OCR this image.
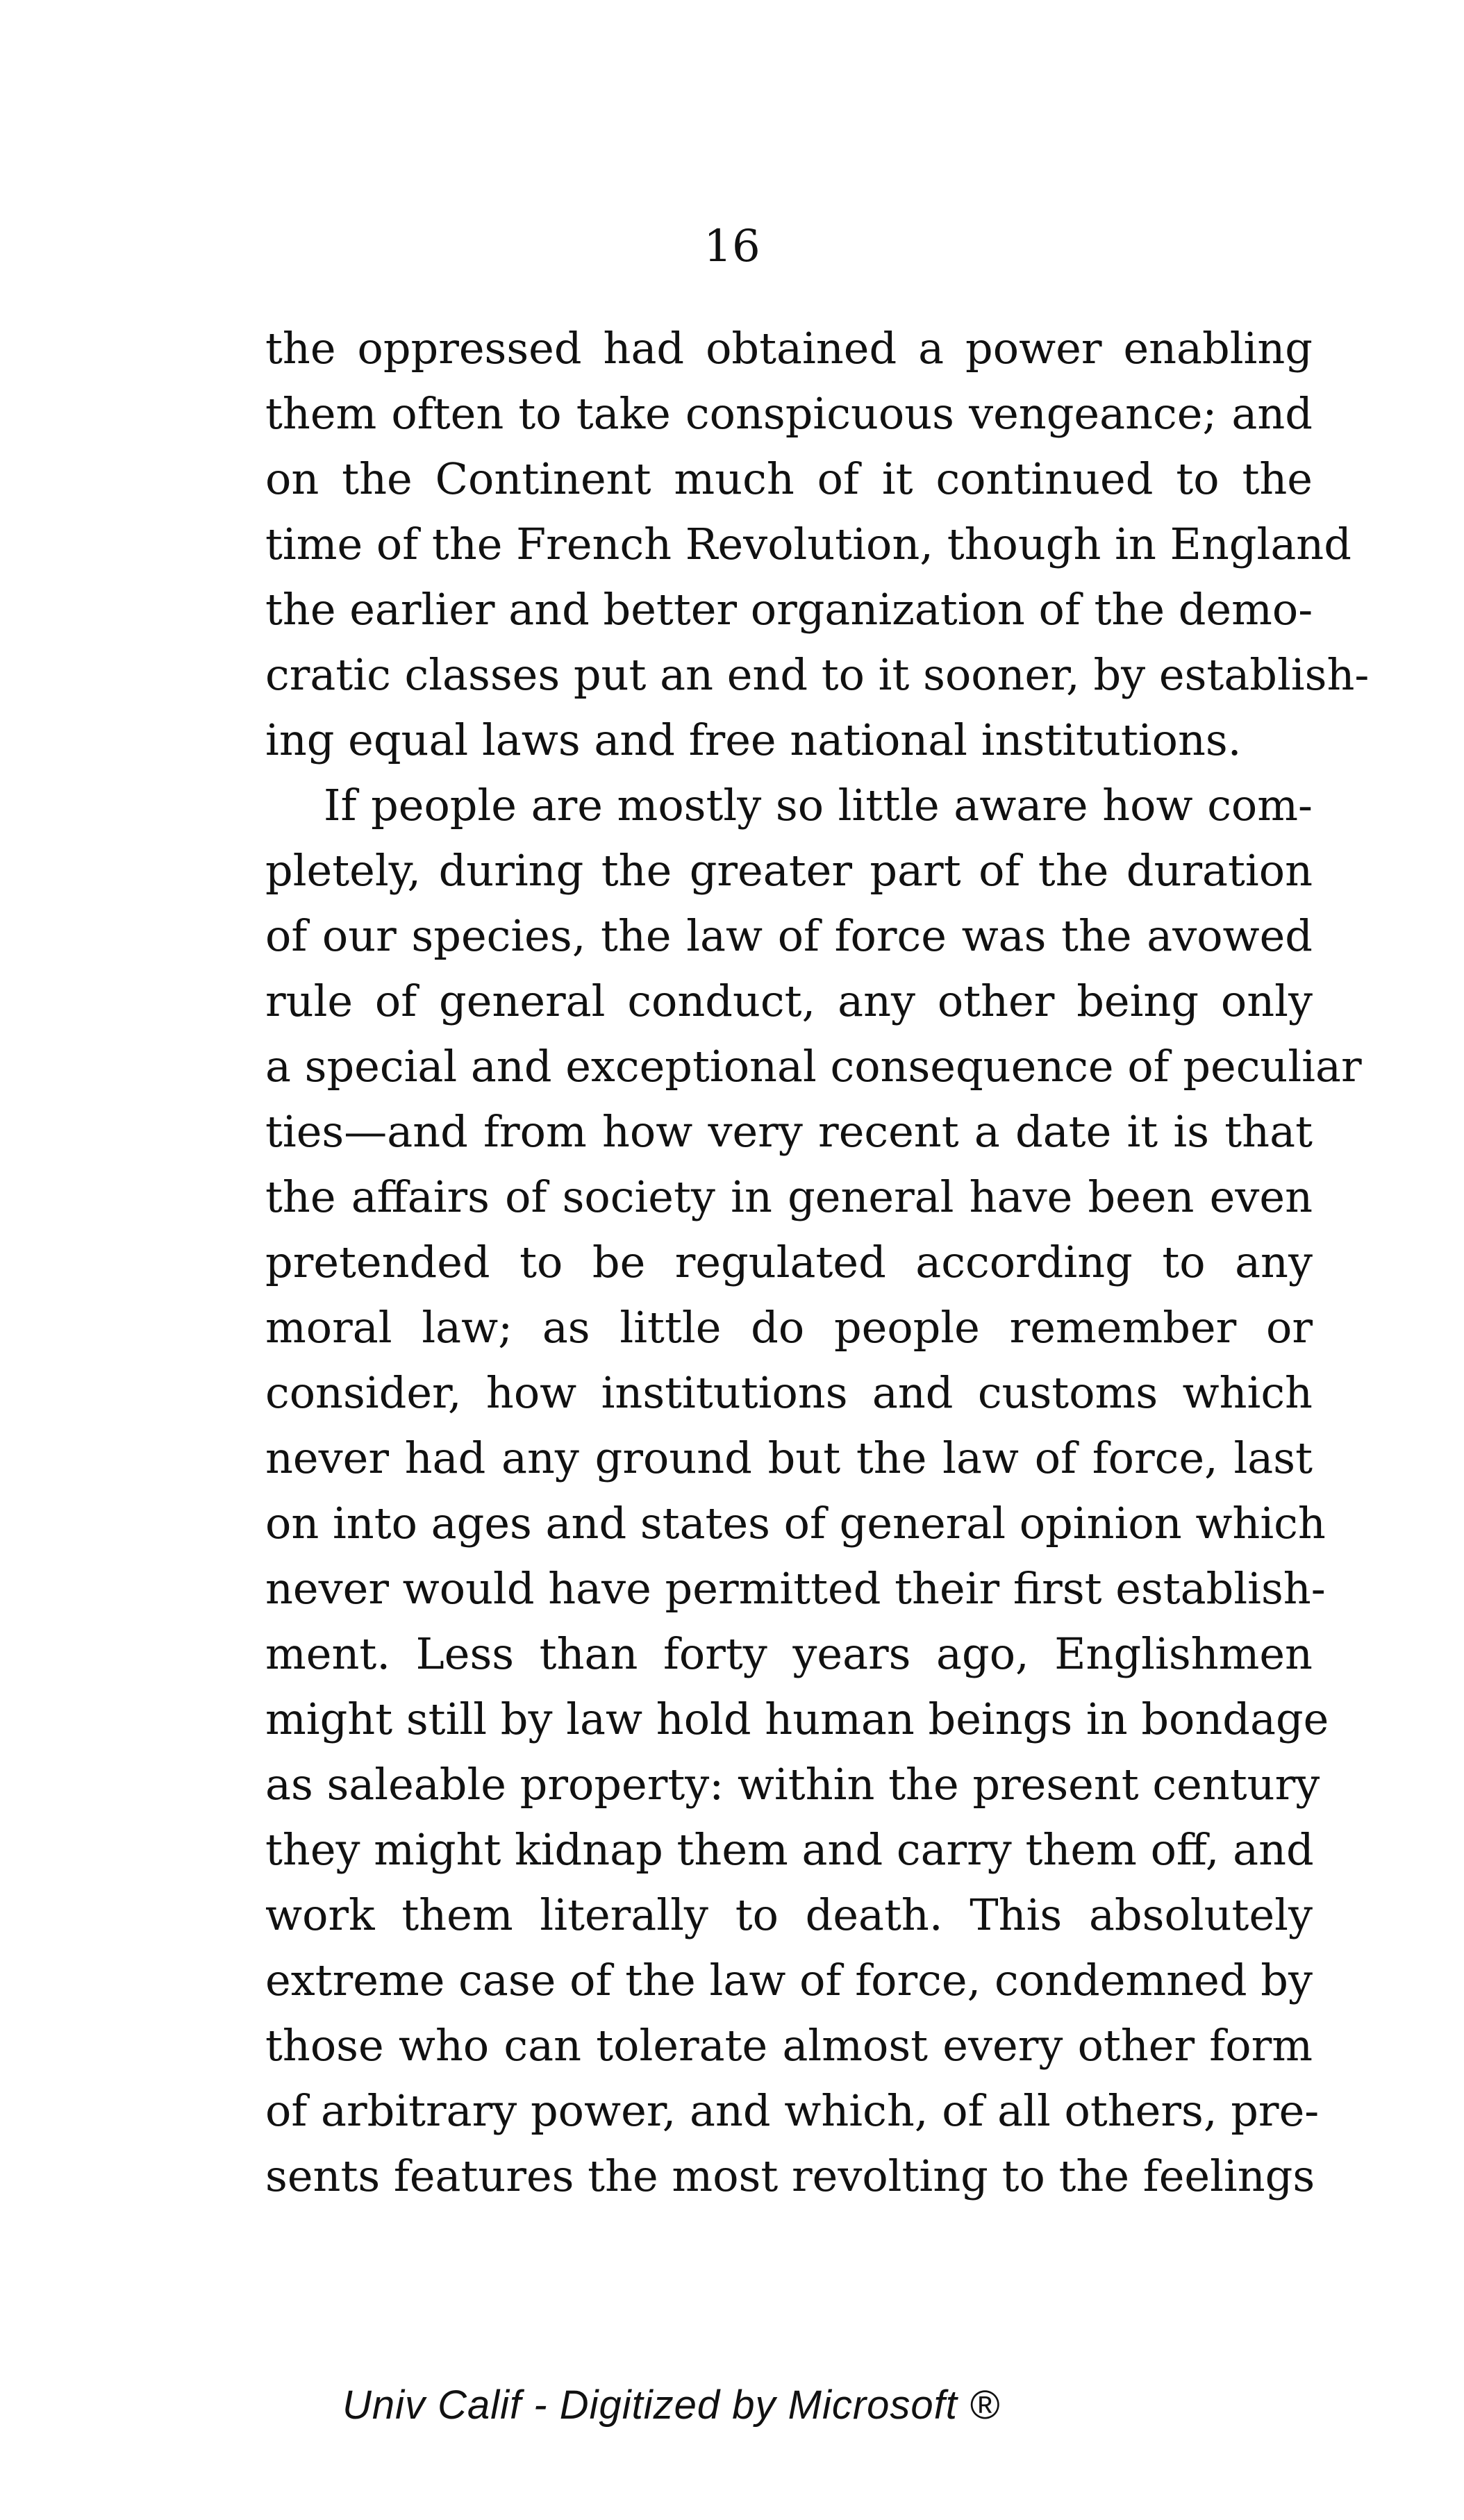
16
the oppressed had obtained a power enabling
them often to take conspicuous vengeance; and
on the Continent much of it continued to the
time of the French Revolution, though in England
the earlier and better organization of the demo-
cratic classes put an end to it sooner, by establish-
ing equal laws and free national institutions.
If people are mostly so little aware how com-
pletely, during the greater part of the duration
of our species, the law of force was the avowed
rule of general conduct, any other being only
a special and exceptional consequence of peculiar
ties—and from how very recent a date it is that
the affairs of society in general have been even
pretended to be regulated according to any
moral law; as little do people remember or
consider, how institutions and customs which
never had any ground but the law of force, last
on into ages and states of general opinion which
never would have permitted their first establish-
ment. Less than forty years ago, Englishmen
might still by law hold human beings in bondage
as saleable property: within the present century
they might kidnap them and carry them off, and
work them literally to death. This absolutely
extreme case of the law of force, condemned by
those who can tolerate almost every other form
of arbitrary power, and which, of all others, pre-
sents features the most revolting to the feelings
Univ Calif - Digitized by Microsoft ®
